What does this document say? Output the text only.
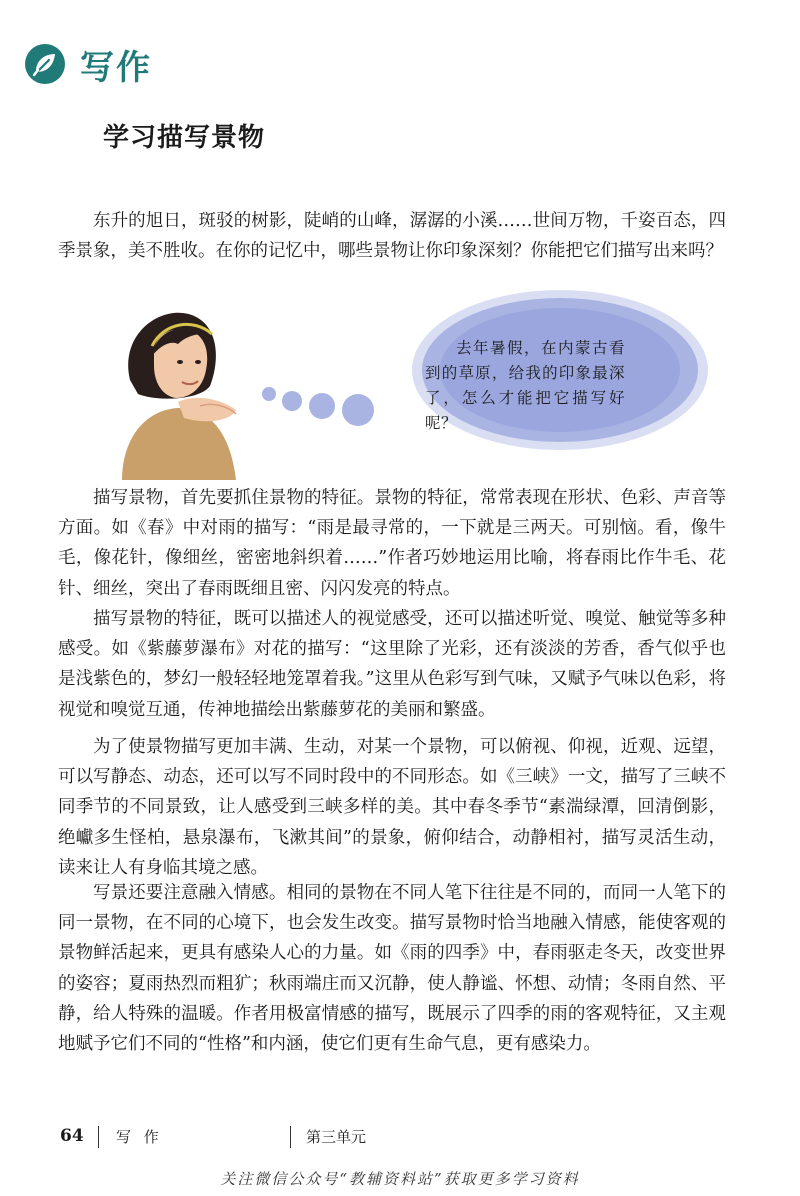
写作
学习描写景物

东升的旭日，斑驳的树影，陡峭的山峰，潺潺的小溪……世间万物，千姿百态，四季景象，美不胜收。在你的记忆中，哪些景物让你印象深刻？你能把它们描写出来吗？

去年暑假，在内蒙古看到的草原，给我的印象最深了，怎么才能把它描写好呢？

描写景物，首先要抓住景物的特征。景物的特征，常常表现在形状、色彩、声音等方面。如《春》中对雨的描写：“雨是最寻常的，一下就是三两天。可别恼。看，像牛毛，像花针，像细丝，密密地斜织着……”作者巧妙地运用比喻，将春雨比作牛毛、花针、细丝，突出了春雨既细且密、闪闪发亮的特点。

描写景物的特征，既可以描述人的视觉感受，还可以描述听觉、嗅觉、触觉等多种感受。如《紫藤萝瀑布》对花的描写：“这里除了光彩，还有淡淡的芳香，香气似乎也是浅紫色的，梦幻一般轻轻地笼罩着我。”这里从色彩写到气味，又赋予气味以色彩，将视觉和嗅觉互通，传神地描绘出紫藤萝花的美丽和繁盛。

为了使景物描写更加丰满、生动，对某一个景物，可以俯视、仰视，近观、远望，可以写静态、动态，还可以写不同时段中的不同形态。如《三峡》一文，描写了三峡不同季节的不同景致，让人感受到三峡多样的美。其中春冬季节“素湍绿潭，回清倒影，绝巘多生怪柏，悬泉瀑布，飞漱其间”的景象，俯仰结合，动静相衬，描写灵活生动，读来让人有身临其境之感。

写景还要注意融入情感。相同的景物在不同人笔下往往是不同的，而同一人笔下的同一景物，在不同的心境下，也会发生改变。描写景物时恰当地融入情感，能使客观的景物鲜活起来，更具有感染人心的力量。如《雨的四季》中，春雨驱走冬天，改变世界的姿容；夏雨热烈而粗犷；秋雨端庄而又沉静，使人静谧、怀想、动情；冬雨自然、平静，给人特殊的温暖。作者用极富情感的描写，既展示了四季的雨的客观特征，又主观地赋予它们不同的“性格”和内涵，使它们更有生命气息，更有感染力。

64 写 作	第三单元
关注微信公众号“教辅资料站”获取更多学习资料
